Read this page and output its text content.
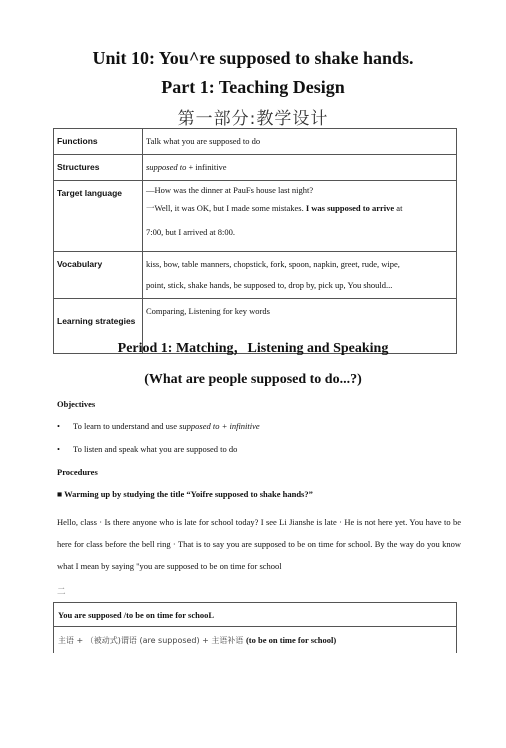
Unit 10: You^re supposed to shake hands.
Part 1: Teaching Design
第一部分:教学设计
Functions	Talk what you are supposed to do
Structures	supposed to + infinitive
Target language	—How was the dinner at PauFs house last night?
一Well, it was OK, but I made some mistakes. I was supposed to arrive at
7:00, but I arrived at 8:00.

Vocabulary	kiss, bow, table manners, chopstick, fork, spoon, napkin, greet, rude, wipe,
point, stick, shake hands, be supposed to, drop by, pick up, You should...

Learning strategies	Comparing, Listening for key words
Period 1: Matching，Listening and Speaking
(What are people supposed to do...?)
Objectives
• To learn to understand and use supposed to + infinitive
• To listen and speak what you are supposed to do
Procedures
■ Warming up by studying the title “Yoifre supposed to shake hands?”
Hello, class · Is there anyone who is late for school today? I see Li Jianshe is late · He is not here yet. You have to be here for class before the bell ring · That is to say you are supposed to be on time for school. By the way do you know what I mean by saying "you are supposed to be on time for school
二
You are supposed /to be on time for schooL
主语 + （被动式)谓语 (are supposed) + 主语补语 (to be on time for school)
